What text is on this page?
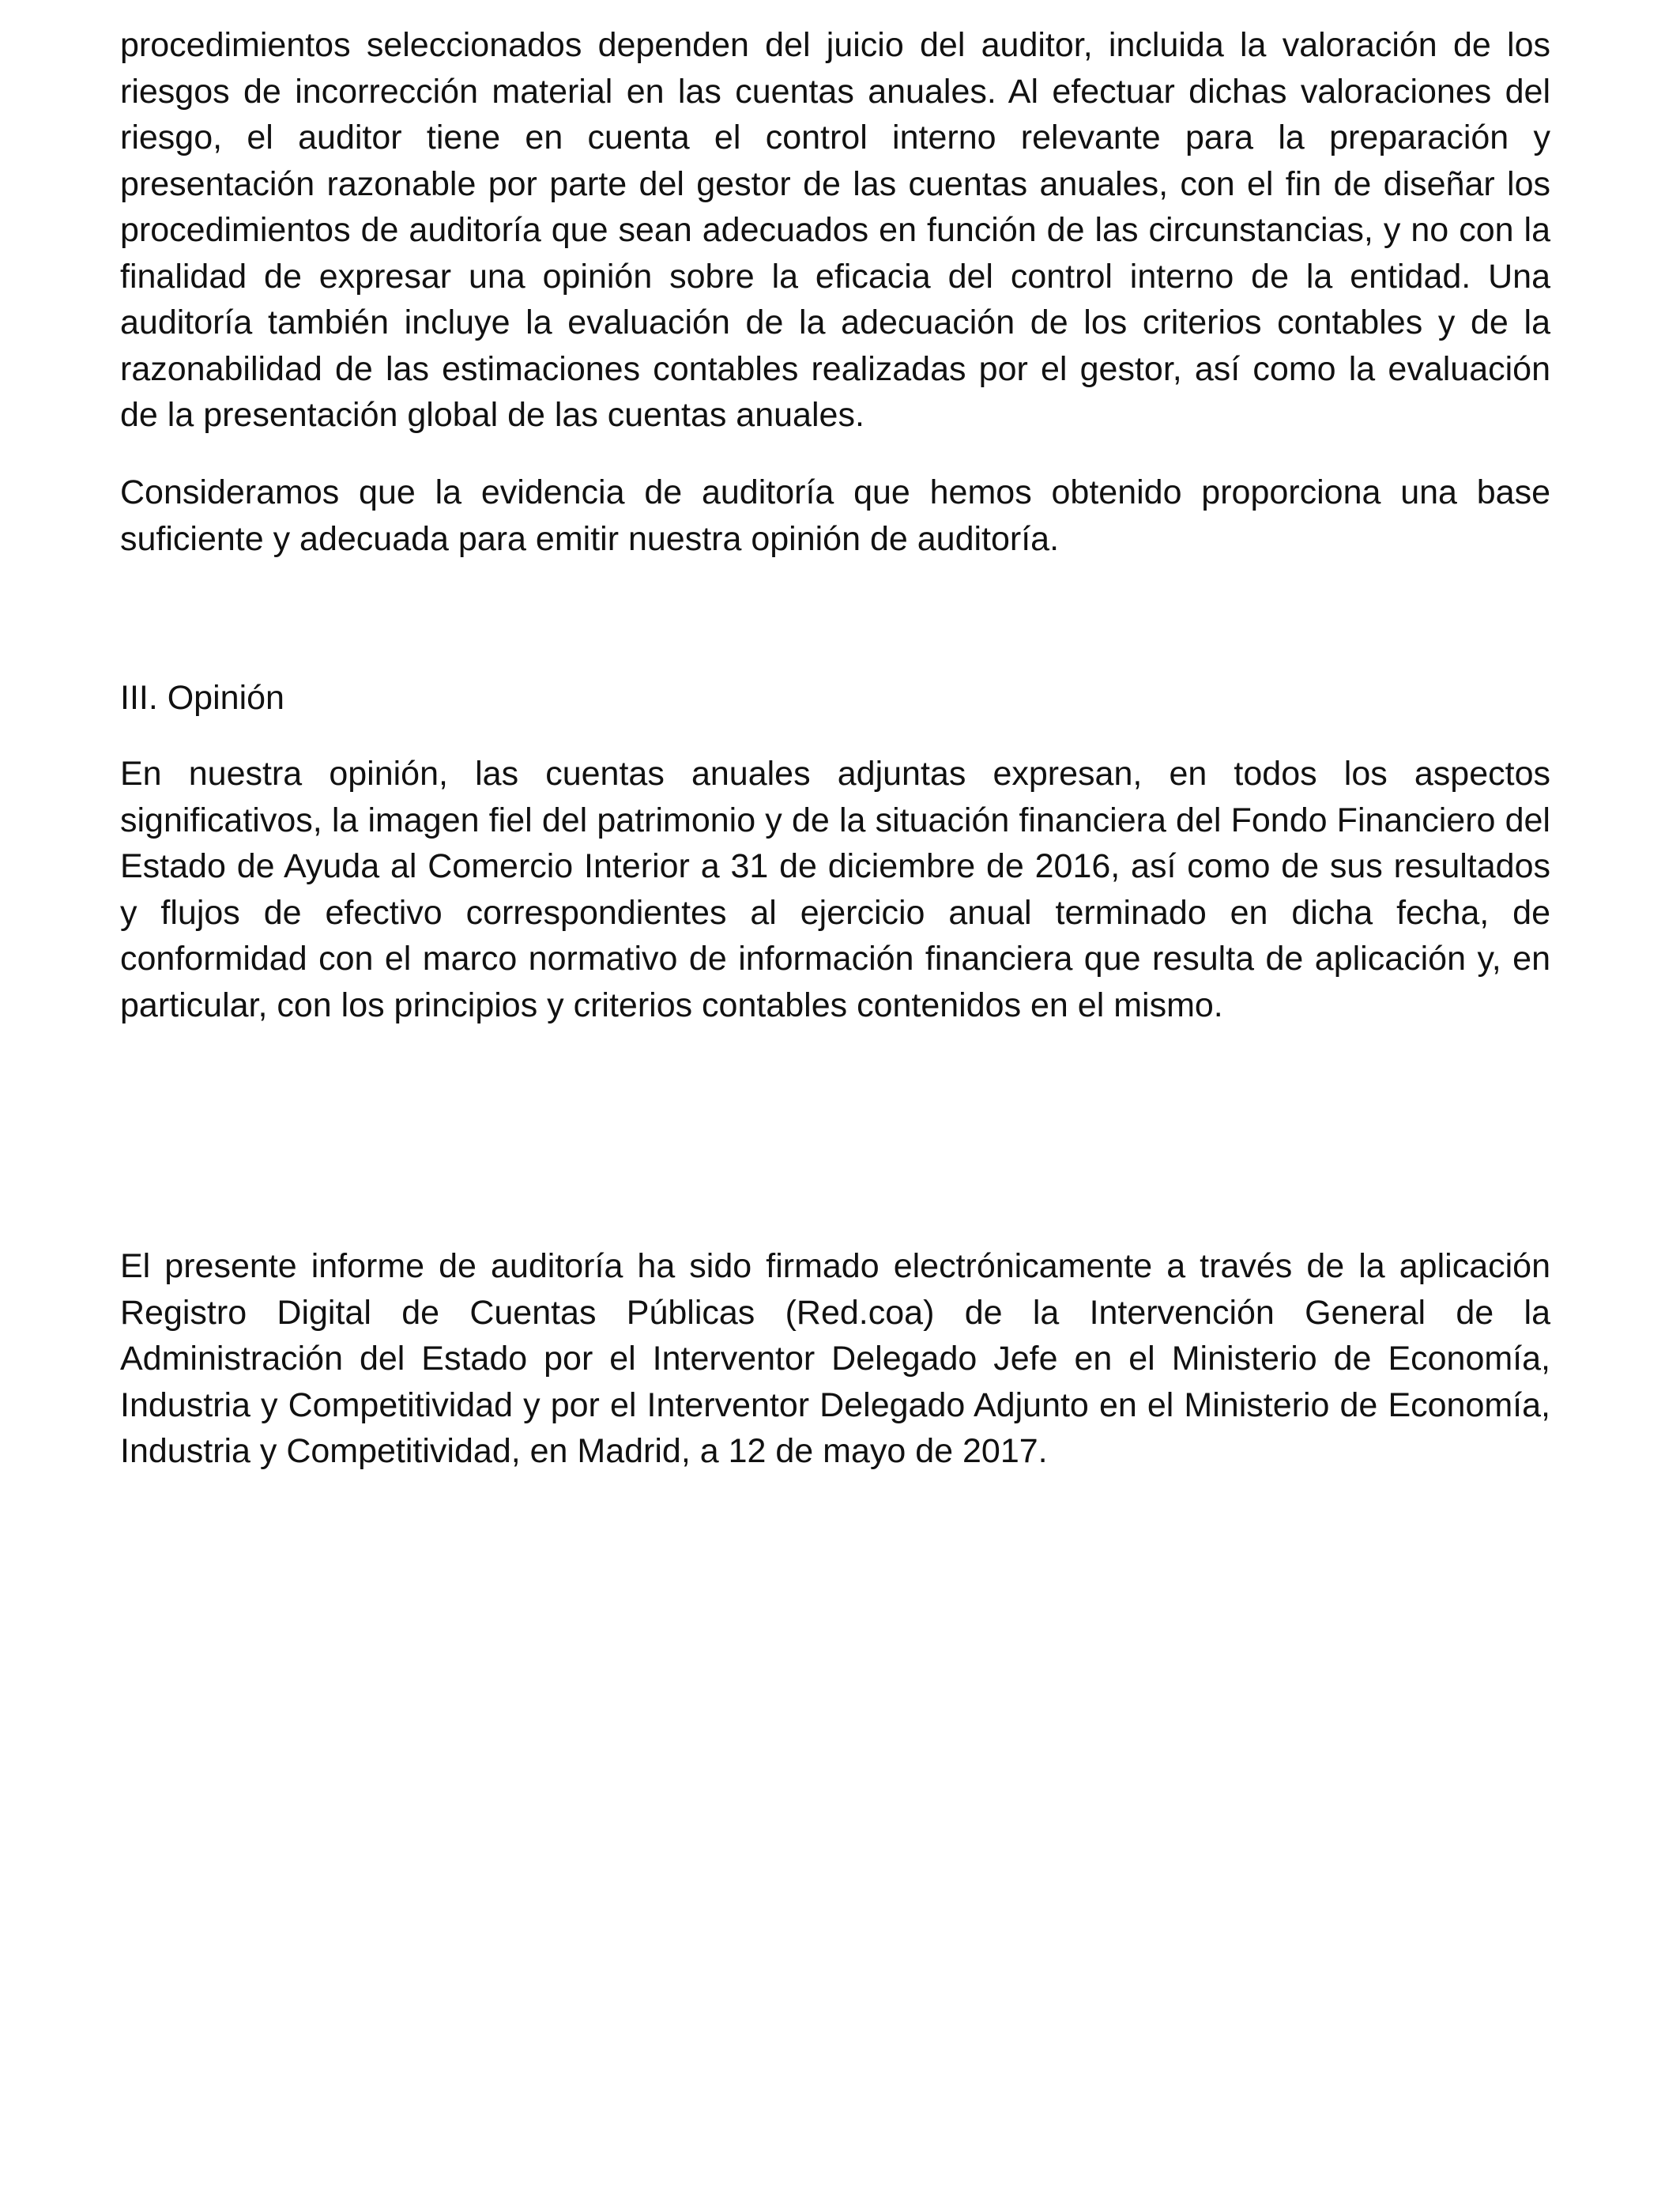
procedimientos seleccionados dependen del juicio del auditor, incluida la valoración de los riesgos de incorrección material en las cuentas anuales. Al efectuar dichas valoraciones del riesgo, el auditor tiene en cuenta el control interno relevante para la preparación y presentación razonable por parte del gestor de las cuentas anuales, con el fin de diseñar los procedimientos de auditoría que sean adecuados en función de las circunstancias, y no con la finalidad de expresar una opinión sobre la eficacia del control interno de la entidad. Una auditoría también incluye la evaluación de la adecuación de los criterios contables y de la razonabilidad de las estimaciones contables realizadas por el gestor, así como la evaluación de la presentación global de las cuentas anuales.

Consideramos que la evidencia de auditoría que hemos obtenido proporciona una base suficiente y adecuada para emitir nuestra opinión de auditoría.

III. Opinión

En nuestra opinión, las cuentas anuales adjuntas expresan, en todos los aspectos significativos, la imagen fiel del patrimonio y de la situación financiera del Fondo Financiero del Estado de Ayuda al Comercio Interior a 31 de diciembre de 2016, así como de sus resultados y flujos de efectivo correspondientes al ejercicio anual terminado en dicha fecha, de conformidad con el marco normativo de información financiera que resulta de aplicación y, en particular, con los principios y criterios contables contenidos en el mismo.

El presente informe de auditoría ha sido firmado electrónicamente a través de la aplicación Registro Digital de Cuentas Públicas (Red.coa) de la Intervención General de la Administración del Estado por el Interventor Delegado Jefe en el Ministerio de Economía, Industria y Competitividad y por el Interventor Delegado Adjunto en el Ministerio de Economía, Industria y Competitividad, en Madrid, a 12 de mayo de 2017.
